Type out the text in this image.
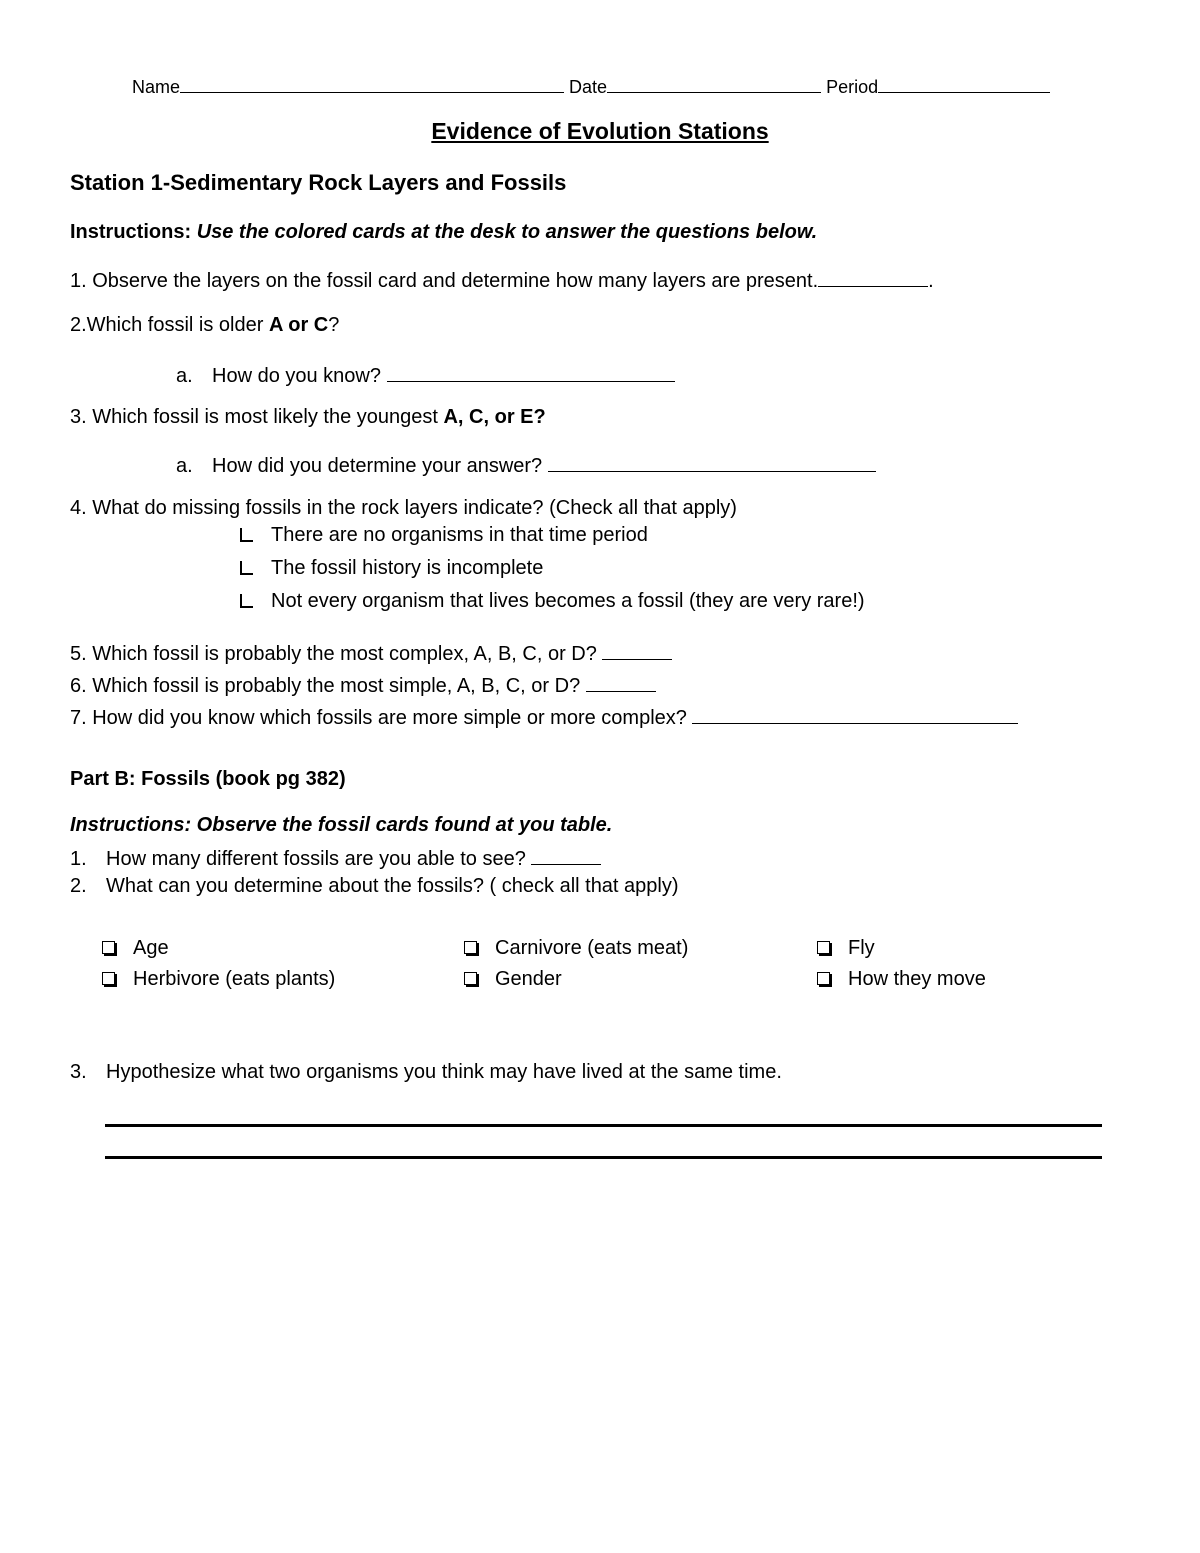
Name	Date	Period
Evidence of Evolution Stations
Station 1-Sedimentary Rock Layers and Fossils
Instructions: Use the colored cards at the desk to answer the questions below.
1. Observe the layers on the fossil card and determine how many layers are present.	.
2.Which fossil is older A or C?
a. How do you know?
3. Which fossil is most likely the youngest A, C, or E?
a. How did you determine your answer?
4. What do missing fossils in the rock layers indicate? (Check all that apply)
There are no organisms in that time period
The fossil history is incomplete
Not every organism that lives becomes a fossil (they are very rare!)
5. Which fossil is probably the most complex, A, B, C, or D?
6. Which fossil is probably the most simple, A, B, C, or D?
7. How did you know which fossils are more simple or more complex?
Part B: Fossils (book pg 382)
Instructions: Observe the fossil cards found at you table.
1. How many different fossils are you able to see?
2. What can you determine about the fossils? ( check all that apply)
Age	Carnivore (eats meat)	Fly
Herbivore (eats plants)	Gender	How they move
3. Hypothesize what two organisms you think may have lived at the same time.
